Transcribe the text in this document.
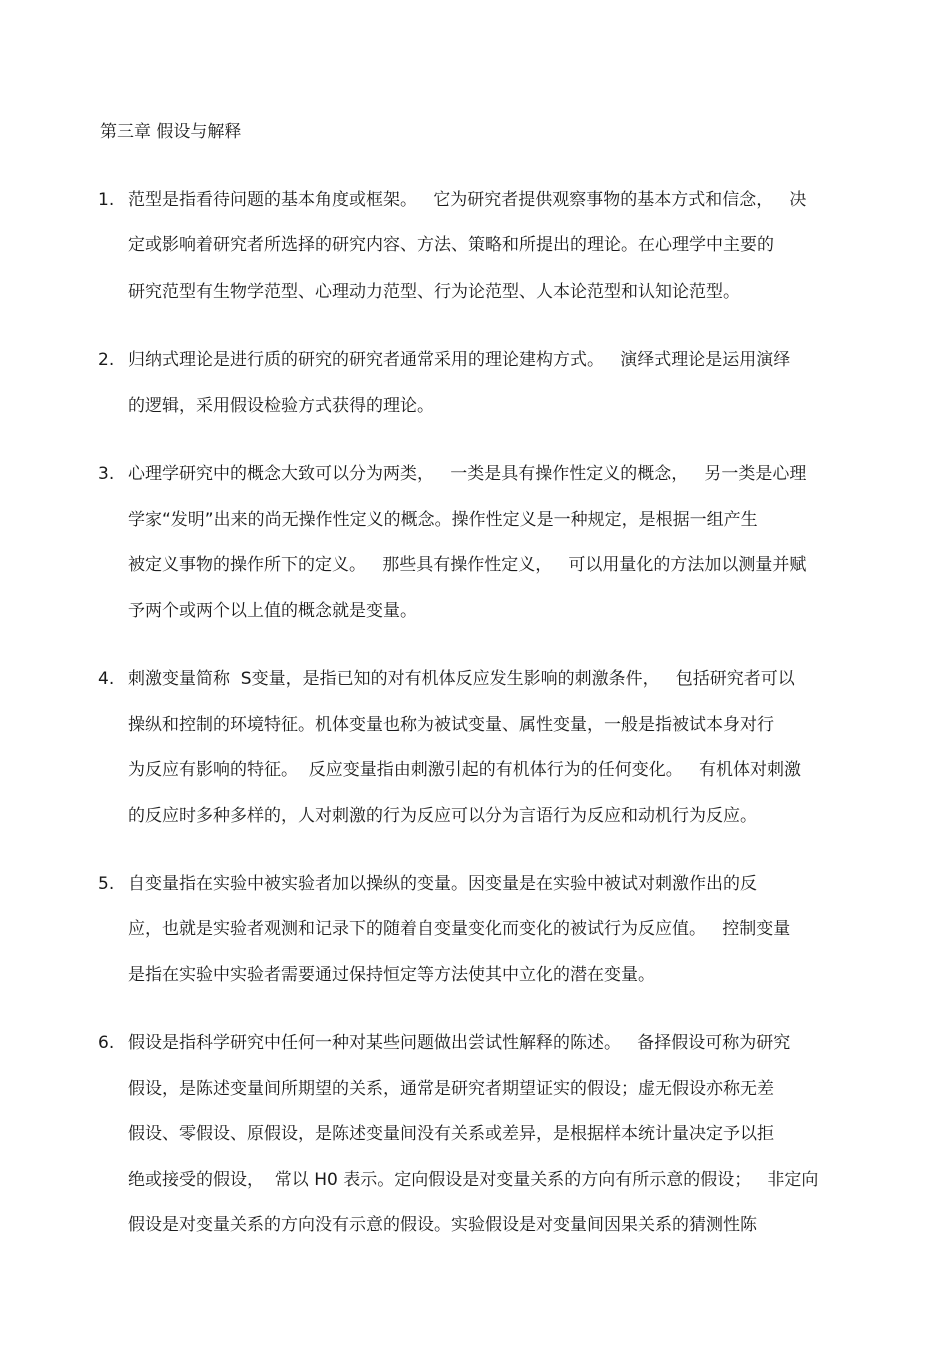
第三章 假设与解释
1. 范型是指看待问题的基本角度或框架。   它为研究者提供观察事物的基本方式和信念，   决
定或影响着研究者所选择的研究内容、方法、策略和所提出的理论。在心理学中主要的
研究范型有生物学范型、心理动力范型、行为论范型、人本论范型和认知论范型。
2. 归纳式理论是进行质的研究的研究者通常采用的理论建构方式。   演绎式理论是运用演绎
的逻辑，采用假设检验方式获得的理论。
3. 心理学研究中的概念大致可以分为两类，   一类是具有操作性定义的概念，   另一类是心理
学家“发明”出来的尚无操作性定义的概念。操作性定义是一种规定，是根据一组产生
被定义事物的操作所下的定义。   那些具有操作性定义，   可以用量化的方法加以测量并赋
予两个或两个以上值的概念就是变量。
4. 刺激变量简称  S变量，是指已知的对有机体反应发生影响的刺激条件，   包括研究者可以
操纵和控制的环境特征。机体变量也称为被试变量、属性变量，一般是指被试本身对行
为反应有影响的特征。  反应变量指由刺激引起的有机体行为的任何变化。   有机体对刺激
的反应时多种多样的，人对刺激的行为反应可以分为言语行为反应和动机行为反应。
5. 自变量指在实验中被实验者加以操纵的变量。因变量是在实验中被试对刺激作出的反
应，也就是实验者观测和记录下的随着自变量变化而变化的被试行为反应值。   控制变量
是指在实验中实验者需要通过保持恒定等方法使其中立化的潜在变量。
6. 假设是指科学研究中任何一种对某些问题做出尝试性解释的陈述。   备择假设可称为研究
假设，是陈述变量间所期望的关系，通常是研究者期望证实的假设；虚无假设亦称无差
假设、零假设、原假设，是陈述变量间没有关系或差异，是根据样本统计量决定予以拒
绝或接受的假设，  常以 H0 表示。定向假设是对变量关系的方向有所示意的假设；   非定向
假设是对变量关系的方向没有示意的假设。实验假设是对变量间因果关系的猜测性陈
